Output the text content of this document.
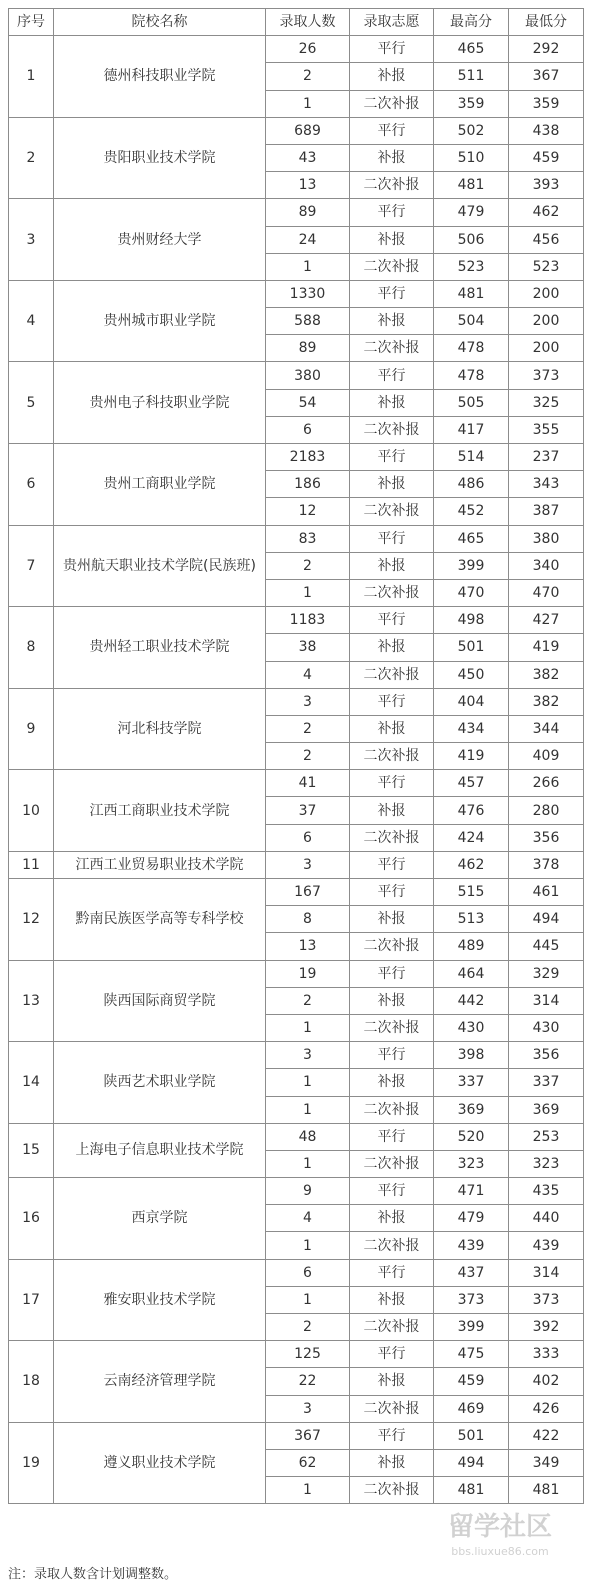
序号	院校名称	录取人数	录取志愿	最高分	最低分
1	德州科技职业学院	26	平行	465	292
		2	补报	511	367
		1	二次补报	359	359
2	贵阳职业技术学院	689	平行	502	438
		43	补报	510	459
		13	二次补报	481	393
3	贵州财经大学	89	平行	479	462
		24	补报	506	456
		1	二次补报	523	523
4	贵州城市职业学院	1330	平行	481	200
		588	补报	504	200
		89	二次补报	478	200
5	贵州电子科技职业学院	380	平行	478	373
		54	补报	505	325
		6	二次补报	417	355
6	贵州工商职业学院	2183	平行	514	237
		186	补报	486	343
		12	二次补报	452	387
7	贵州航天职业技术学院(民族班)	83	平行	465	380
		2	补报	399	340
		1	二次补报	470	470
8	贵州轻工职业技术学院	1183	平行	498	427
		38	补报	501	419
		4	二次补报	450	382
9	河北科技学院	3	平行	404	382
		2	补报	434	344
		2	二次补报	419	409
10	江西工商职业技术学院	41	平行	457	266
		37	补报	476	280
		6	二次补报	424	356
11	江西工业贸易职业技术学院	3	平行	462	378
12	黔南民族医学高等专科学校	167	平行	515	461
		8	补报	513	494
		13	二次补报	489	445
13	陕西国际商贸学院	19	平行	464	329
		2	补报	442	314
		1	二次补报	430	430
14	陕西艺术职业学院	3	平行	398	356
		1	补报	337	337
		1	二次补报	369	369
15	上海电子信息职业技术学院	48	平行	520	253
		1	二次补报	323	323
16	西京学院	9	平行	471	435
		4	补报	479	440
		1	二次补报	439	439
17	雅安职业技术学院	6	平行	437	314
		1	补报	373	373
		2	二次补报	399	392
18	云南经济管理学院	125	平行	475	333
		22	补报	459	402
		3	二次补报	469	426
19	遵义职业技术学院	367	平行	501	422
		62	补报	494	349
		1	二次补报	481	481
注：录取人数含计划调整数。
留学社区
bbs.liuxue86.com
